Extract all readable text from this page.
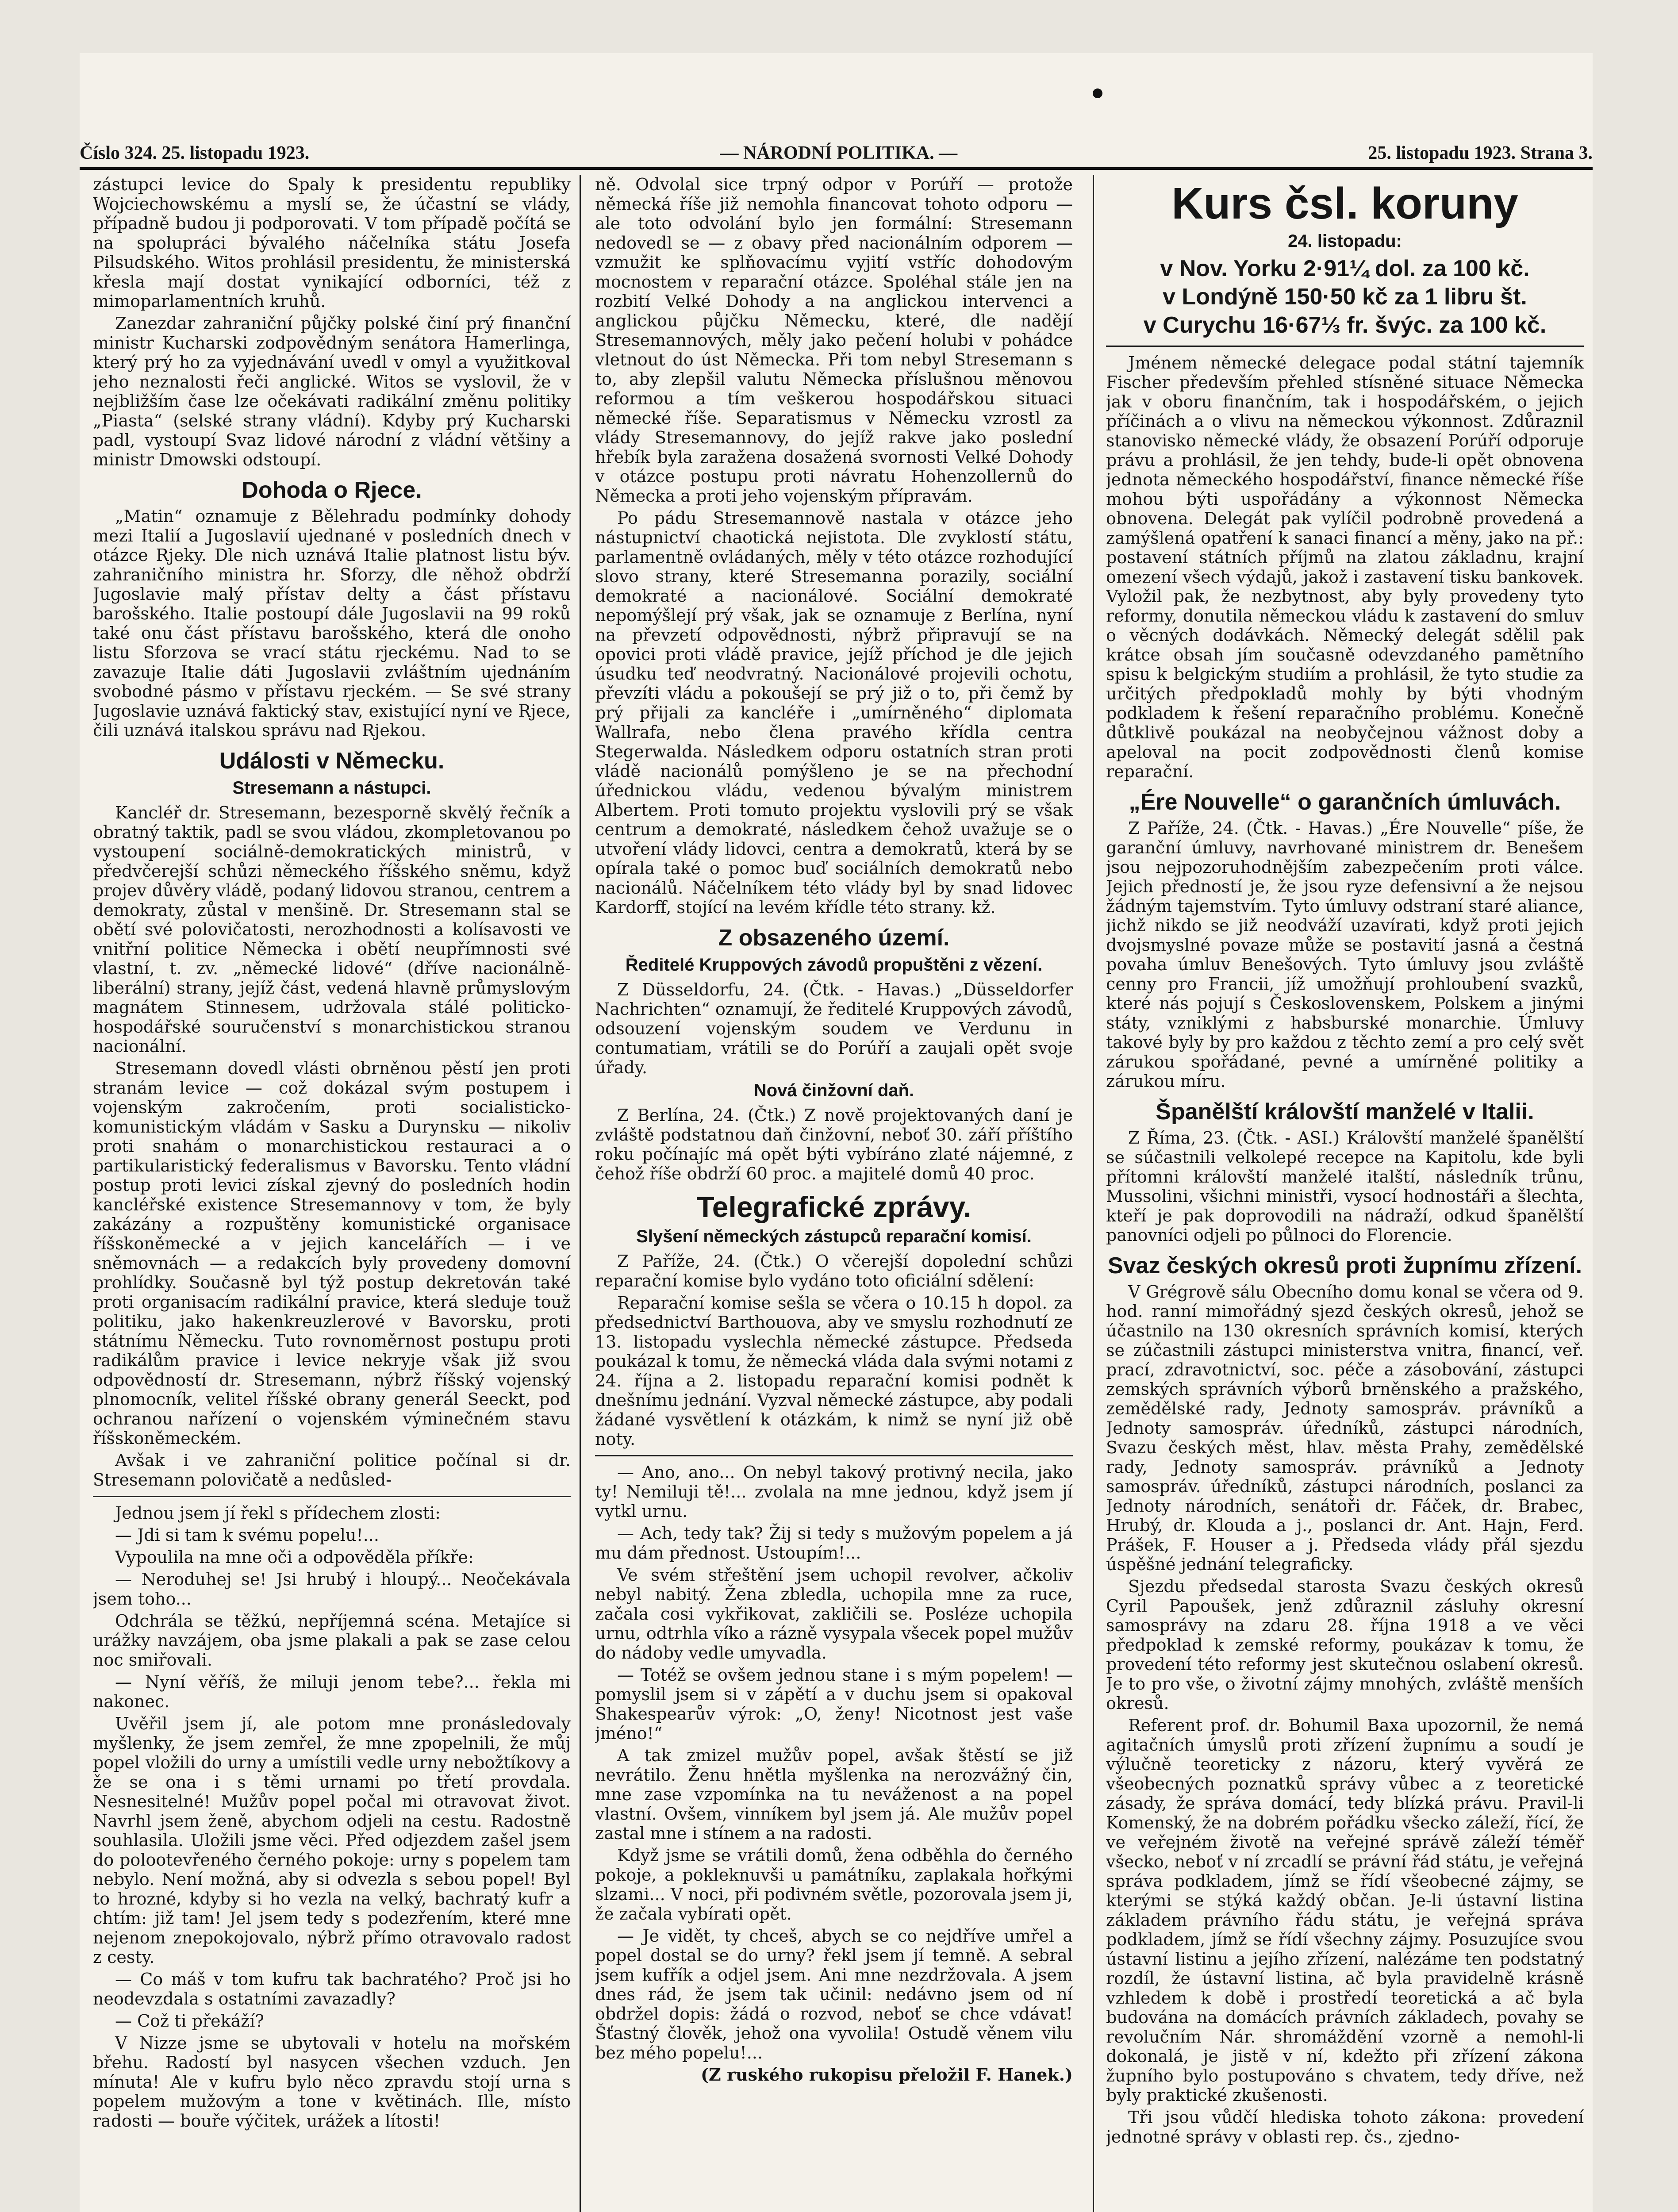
Číslo 324. 25. listopadu 1923.	— NÁRODNÍ POLITIKA. —	25. listopadu 1923. Strana 3.

zástupci levice do Spaly k presidentu republiky Wojciechowskému a myslí se, že účastní se vlády, případně budou ji podporovati. V tom případě počítá se na spolupráci bývalého náčelníka státu Josefa Pilsudského. Witos prohlásil presidentu, že ministerská křesla mají dostat vynikající odborníci, též z mimoparlamentních kruhů.

Zanezdar zahraniční půjčky polské činí prý finanční ministr Kucharski zodpovědným senátora Hamerlinga, který prý ho za vyjednávání uvedl v omyl a využitkoval jeho neznalosti řeči anglické. Witos se vyslovil, že v nejbližším čase lze očekávati radikální změnu politiky „Piasta“ (selské strany vládní). Kdyby prý Kucharski padl, vystoupí Svaz lidové národní z vládní většiny a ministr Dmowski odstoupí.

Dohoda o Rjece.

„Matin“ oznamuje z Bělehradu podmínky dohody mezi Italií a Jugoslavií ujednané v posledních dnech v otázce Rjeky. Dle nich uznává Italie platnost listu býv. zahraničního ministra hr. Sforzy, dle něhož obdrží Jugoslavie malý přístav delty a část přístavu barošského. Italie postoupí dále Jugoslavii na 99 roků také onu část přístavu barošského, která dle onoho listu Sforzova se vrací státu rjeckému. Nad to se zavazuje Italie dáti Jugoslavii zvláštním ujednáním svobodné pásmo v přístavu rjeckém. — Se své strany Jugoslavie uznává faktický stav, existující nyní ve Rjece, čili uznává italskou správu nad Rjekou.

Události v Německu.
Stresemann a nástupci.

Kancléř dr. Stresemann, bezesporně skvělý řečník a obratný taktik, padl se svou vládou, zkompletovanou po vystoupení sociálně-demokratických ministrů, v předvčerejší schůzi německého říšského sněmu, když projev důvěry vládě, podaný lidovou stranou, centrem a demokraty, zůstal v menšině. Dr. Stresemann stal se obětí své polovičatosti, nerozhodnosti a kolísavosti ve vnitřní politice Německa i obětí neupřímnosti své vlastní, t. zv. „německé lidové“ (dříve nacionálně-liberální) strany, jejíž část, vedená hlavně průmyslovým magnátem Stinnesem, udržovala stálé politicko-hospodářské souručenství s monarchistickou stranou nacionální.

Stresemann dovedl vlásti obrněnou pěstí jen proti stranám levice — což dokázal svým postupem i vojenským zakročením, proti socialisticko-komunistickým vládám v Sasku a Durynsku — nikoliv proti snahám o monarchistickou restauraci a o partikularistický federalismus v Bavorsku. Tento vládní postup proti levici získal zjevný do posledních hodin kancléřské existence Stresemannovy v tom, že byly zakázány a rozpuštěny komunistické organisace říšskoněmecké a v jejich kancelářích — i ve sněmovnách — a redakcích byly provedeny domovní prohlídky. Současně byl týž postup dekretován také proti organisacím radikální pravice, která sleduje touž politiku, jako hakenkreuzlerové v Bavorsku, proti státnímu Německu. Tuto rovnoměrnost postupu proti radikálům pravice i levice nekryje však již svou odpovědností dr. Stresemann, nýbrž říšský vojenský plnomocník, velitel říšské obrany generál Seeckt, pod ochranou nařízení o vojenském výminečném stavu říšskoněmeckém.

Avšak i ve zahraniční politice počínal si dr. Stresemann polovičatě a nedůsled-

Jednou jsem jí řekl s přídechem zlosti:

— Jdi si tam k svému popelu!...

Vypoulila na mne oči a odpověděla příkře:

— Neroduhej se! Jsi hrubý i hloupý... Neočekávala jsem toho...

Odchrála se těžkú, nepříjemná scéna. Metajíce si urážky navzájem, oba jsme plakali a pak se zase celou noc smiřovali.

— Nyní věříš, že miluji jenom tebe?... řekla mi nakonec.

Uvěřil jsem jí, ale potom mne pronásledovaly myšlenky, že jsem zemřel, že mne zpopelnili, že můj popel vložili do urny a umístili vedle urny nebožtíkovy a že se ona i s těmi urnami po třetí provdala. Nesnesitelné! Mužův popel počal mi otravovat život. Navrhl jsem ženě, abychom odjeli na cestu. Radostně souhlasila. Uložili jsme věci. Před odjezdem zašel jsem do polootevřeného černého pokoje: urny s popelem tam nebylo. Není možná, aby si odvezla s sebou popel! Byl to hrozné, kdyby si ho vezla na velký, bachratý kufr a chtím: již tam! Jel jsem tedy s podezřením, které mne nejenom znepokojovalo, nýbrž přímo otravovalo radost z cesty.

— Co máš v tom kufru tak bachratého? Proč jsi ho neodevzdala s ostatními zavazadly?

— Což ti překáží?

V Nizze jsme se ubytovali v hotelu na mořském břehu. Radostí byl nasycen všechen vzduch. Jen mínuta! Ale v kufru bylo něco zpravdu stojí urna s popelem mužovým a tone v květinách. Ille, místo radosti — bouře výčitek, urážek a lítosti!

ně. Odvolal sice trpný odpor v Porúří — protože německá říše již nemohla financovat tohoto odporu — ale toto odvolání bylo jen formální: Stresemann nedovedl se — z obavy před nacionálním odporem — vzmužit ke splňovacímu vyjití vstříc dohodovým mocnostem v reparační otázce. Spoléhal stále jen na rozbití Velké Dohody a na anglickou intervenci a anglickou půjčku Německu, které, dle nadějí Stresemannových, měly jako pečení holubi v pohádce vletnout do úst Německa. Při tom nebyl Stresemann s to, aby zlepšil valutu Německa příslušnou měnovou reformou a tím veškerou hospodářskou situaci německé říše. Separatismus v Německu vzrostl za vlády Stresemannovy, do jejíž rakve jako poslední hřebík byla zaražena dosažená svornosti Velké Dohody v otázce postupu proti návratu Hohenzollernů do Německa a proti jeho vojenským přípravám.

Po pádu Stresemannově nastala v otázce jeho nástupnictví chaotická nejistota. Dle zvyklostí státu, parlamentně ovládaných, měly v této otázce rozhodující slovo strany, které Stresemanna porazily, sociální demokraté a nacionálové. Sociální demokraté nepomýšlejí prý však, jak se oznamuje z Berlína, nyní na převzetí odpovědnosti, nýbrž připravují se na opovici proti vládě pravice, jejíž příchod je dle jejich úsudku teď neodvratný. Nacionálové projevili ochotu, převzíti vládu a pokoušejí se prý již o to, při čemž by prý přijali za kancléře i „umírněného“ diplomata Wallrafa, nebo člena pravého křídla centra Stegerwalda. Následkem odporu ostatních stran proti vládě nacionálů pomýšleno je se na přechodní úřednickou vládu, vedenou bývalým ministrem Albertem. Proti tomuto projektu vyslovili prý se však centrum a demokraté, následkem čehož uvažuje se o utvoření vlády lidovci, centra a demokratů, která by se opírala také o pomoc buď sociálních demokratů nebo nacionálů. Náčelníkem této vlády byl by snad lidovec Kardorff, stojící na levém křídle této strany. kž.

Z obsazeného území.
Ředitelé Kruppových závodů propuštěni z vězení.

Z Düsseldorfu, 24. (Čtk. - Havas.) „Düsseldorfer Nachrichten“ oznamují, že ředitelé Kruppových závodů, odsouzení vojenským soudem ve Verdunu in contumatiam, vrátili se do Porúří a zaujali opět svoje úřady.

Nová činžovní daň.

Z Berlína, 24. (Čtk.) Z nově projektovaných daní je zvláště podstatnou daň činžovní, neboť 30. září příštího roku počínajíc má opět býti vybíráno zlaté nájemné, z čehož říše obdrží 60 proc. a majitelé domů 40 proc.

Telegrafické zprávy.
Slyšení německých zástupců reparační komisí.

Z Paříže, 24. (Čtk.) O včerejší dopolední schůzi reparační komise bylo vydáno toto oficiální sdělení:

Reparační komise sešla se včera o 10.15 h dopol. za předsednictví Barthouova, aby ve smyslu rozhodnutí ze 13. listopadu vyslechla německé zástupce. Předseda poukázal k tomu, že německá vláda dala svými notami z 24. října a 2. listopadu reparační komisi podnět k dnešnímu jednání. Vyzval německé zástupce, aby podali žádané vysvětlení k otázkám, k nimž se nyní již obě noty.

— Ano, ano... On nebyl takový protivný necila, jako ty! Nemiluji tě!... zvolala na mne jednou, když jsem jí vytkl urnu.

— Ach, tedy tak? Žij si tedy s mužovým popelem a já mu dám přednost. Ustoupím!...

Ve svém střeštění jsem uchopil revolver, ačkoliv nebyl nabitý. Žena zbledla, uchopila mne za ruce, začala cosi vykřikovat, zakličili se. Posléze uchopila urnu, odtrhla víko a rázně vysypala všecek popel mužův do nádoby vedle umyvadla.

— Totéž se ovšem jednou stane i s mým popelem! — pomyslil jsem si v zápětí a v duchu jsem si opakoval Shakespearův výrok: „O, ženy! Nicotnost jest vaše jméno!“

A tak zmizel mužův popel, avšak štěstí se již nevrátilo. Ženu hnětla myšlenka na nerozvážný čin, mne zase vzpomínka na tu neváženost a na popel vlastní. Ovšem, vinníkem byl jsem já. Ale mužův popel zastal mne i stínem a na radosti.

Když jsme se vrátili domů, žena odběhla do černého pokoje, a pokleknuvši u památníku, zaplakala hořkými slzami... V noci, při podivném světle, pozorovala jsem ji, že začala vybírati opět.

— Je vidět, ty chceš, abych se co nejdříve umřel a popel dostal se do urny? řekl jsem jí temně. A sebral jsem kufřík a odjel jsem. Ani mne nezdržovala. A jsem dnes rád, že jsem tak učinil: nedávno jsem od ní obdržel dopis: žádá o rozvod, neboť se chce vdávat! Šťastný člověk, jehož ona vyvolila! Ostudě věnem vilu bez mého popelu!...

(Z ruského rukopisu přeložil F. Hanek.)

Kurs čsl. koruny
24. listopadu:
v Nov. Yorku 2·91¼ dol. za 100 kč.
v Londýně 150·50 kč za 1 libru št.
v Curychu 16·67⅓ fr. švýc. za 100 kč.

Jménem německé delegace podal státní tajemník Fischer především přehled stísněné situace Německa jak v oboru finančním, tak i hospodářském, o jejich příčinách a o vlivu na německou výkonnost. Zdůraznil stanovisko německé vlády, že obsazení Porúří odporuje právu a prohlásil, že jen tehdy, bude-li opět obnovena jednota německého hospodářství, finance německé říše mohou býti uspořádány a výkonnost Německa obnovena. Delegát pak vylíčil podrobně provedená a zamýšlená opatření k sanaci financí a měny, jako na př.: postavení státních příjmů na zlatou základnu, krajní omezení všech výdajů, jakož i zastavení tisku bankovek. Vyložil pak, že nezbytnost, aby byly provedeny tyto reformy, donutila německou vládu k zastavení do smluv o věcných dodávkách. Německý delegát sdělil pak krátce obsah jím současně odevzdaného pamětního spisu k belgickým studiím a prohlásil, že tyto studie za určitých předpokladů mohly by býti vhodným podkladem k řešení reparačního problému. Konečně důtklivě poukázal na neobyčejnou vážnost doby a apeloval na pocit zodpovědnosti členů komise reparační.

„Ére Nouvelle“ o garančních úmluvách.

Z Paříže, 24. (Čtk. - Havas.) „Ére Nouvelle“ píše, že garanční úmluvy, navrhované ministrem dr. Benešem jsou nejpozoruhodnějším zabezpečením proti válce. Jejich předností je, že jsou ryze defensivní a že nejsou žádným tajemstvím. Tyto úmluvy odstraní staré aliance, jichž nikdo se již neodváží uzavírati, když proti jejich dvojsmyslné povaze může se postavití jasná a čestná povaha úmluv Benešových. Tyto úmluvy jsou zvláště cenny pro Francii, jíž umožňují prohloubení svazků, které nás pojují s Československem, Polskem a jinými státy, vzniklými z habsburské monarchie. Úmluvy takové byly by pro každou z těchto zemí a pro celý svět zárukou spořádané, pevné a umírněné politiky a zárukou míru.

Španělští královští manželé v Italii.

Z Říma, 23. (Čtk. - ASI.) Královští manželé španělští se súčastnili velkolepé recepce na Kapitolu, kde byli přítomni královští manželé italští, následník trůnu, Mussolini, všichni ministři, vysocí hodnostáři a šlechta, kteří je pak doprovodili na nádraží, odkud španělští panovníci odjeli po půlnoci do Florencie.

Svaz českých okresů proti župnímu zřízení.

V Grégrově sálu Obecního domu konal se včera od 9. hod. ranní mimořádný sjezd českých okresů, jehož se účastnilo na 130 okresních správních komisí, kterých se zúčastnili zástupci ministerstva vnitra, financí, veř. prací, zdravotnictví, soc. péče a zásobování, zástupci zemských správních výborů brněnského a pražského, zemědělské rady, Jednoty samospráv. právníků a Jednoty samospráv. úředníků, zástupci národních, Svazu českých měst, hlav. města Prahy, zemědělské rady, Jednoty samospráv. právníků a Jednoty samospráv. úředníků, zástupci národních, poslanci za Jednoty národních, senátoři dr. Fáček, dr. Brabec, Hrubý, dr. Klouda a j., poslanci dr. Ant. Hajn, Ferd. Prášek, F. Houser a j. Předseda vlády přál sjezdu úspěšné jednání telegraficky.

Sjezdu předsedal starosta Svazu českých okresů Cyril Papoušek, jenž zdůraznil zásluhy okresní samosprávy na zdaru 28. října 1918 a ve věci předpoklad k zemské reformy, poukázav k tomu, že provedení této reformy jest skutečnou oslabení okresů. Je to pro vše, o životní zájmy mnohých, zvláště menších okresů.

Referent prof. dr. Bohumil Baxa upozornil, že nemá agitačních úmyslů proti zřízení župnímu a soudí je výlučně teoreticky z názoru, který vyvěrá ze všeobecných poznatků správy vůbec a z teoretické zásady, že správa domácí, tedy blízká právu. Pravil-li Komenský, že na dobrém pořádku všecko záleží, řící, že ve veřejném životě na veřejné správě záleží téměř všecko, neboť v ní zrcadlí se právní řád státu, je veřejná správa podkladem, jímž se řídí všeobecné zájmy, se kterými se stýká každý občan. Je-li ústavní listina základem právního řádu státu, je veřejná správa podkladem, jímž se řídí všechny zájmy. Posuzujíce svou ústavní listinu a jejího zřízení, nalézáme ten podstatný rozdíl, že ústavní listina, ač byla pravidelně krásně vzhledem k době i prostředí teoretická a ač byla budována na domácích právních základech, povahy se revolučním Nár. shromáždění vzorně a nemohl-li dokonalá, je jistě v ní, kdežto při zřízení zákona župního bylo postupováno s chvatem, tedy dříve, než byly praktické zkušenosti.

Tři jsou vůdčí hlediska tohoto zákona: provedení jednotné správy v oblasti rep. čs., zjedno-
